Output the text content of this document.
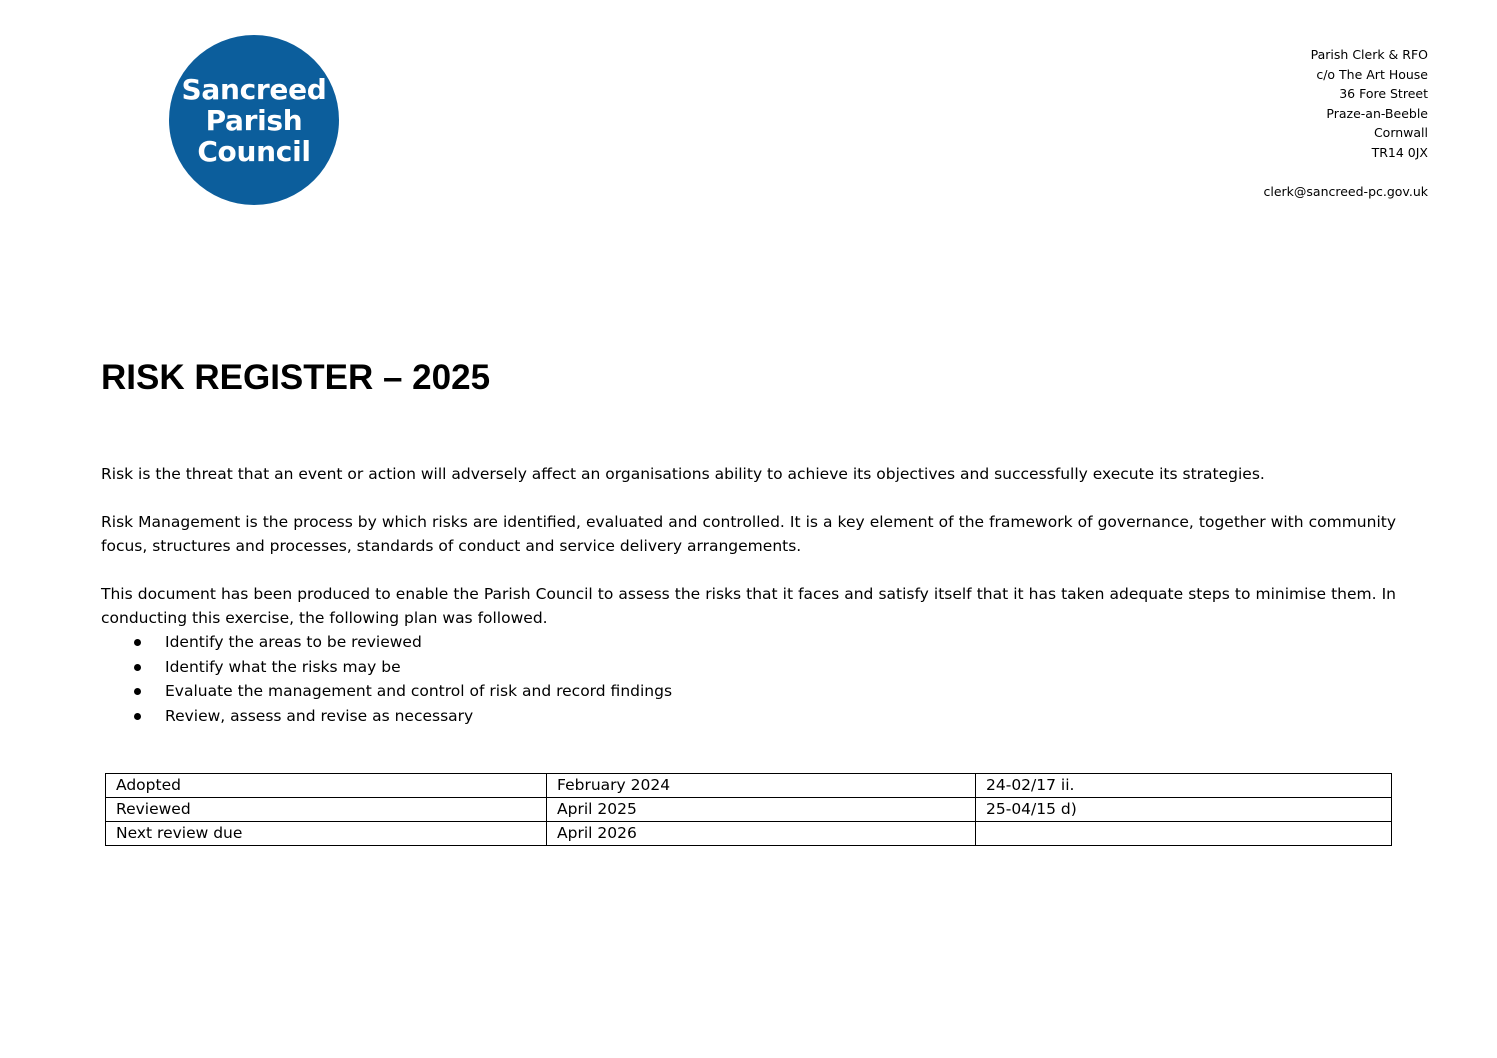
Sancreed
Parish
Council
Parish Clerk & RFO
c/o The Art House
36 Fore Street
Praze-an-Beeble
Cornwall
TR14 0JX
clerk@sancreed-pc.gov.uk
RISK REGISTER – 2025

Risk is the threat that an event or action will adversely affect an organisations ability to achieve its objectives and successfully execute its strategies.

Risk Management is the process by which risks are identified, evaluated and controlled. It is a key element of the framework of governance, together with community focus, structures and processes, standards of conduct and service delivery arrangements.

This document has been produced to enable the Parish Council to assess the risks that it faces and satisfy itself that it has taken adequate steps to minimise them. In conducting this exercise, the following plan was followed.

Identify the areas to be reviewed
Identify what the risks may be
Evaluate the management and control of risk and record findings
Review, assess and revise as necessary
Adopted	February 2024	24-02/17 ii.
Reviewed	April 2025	25-04/15 d)
Next review due	April 2026	
